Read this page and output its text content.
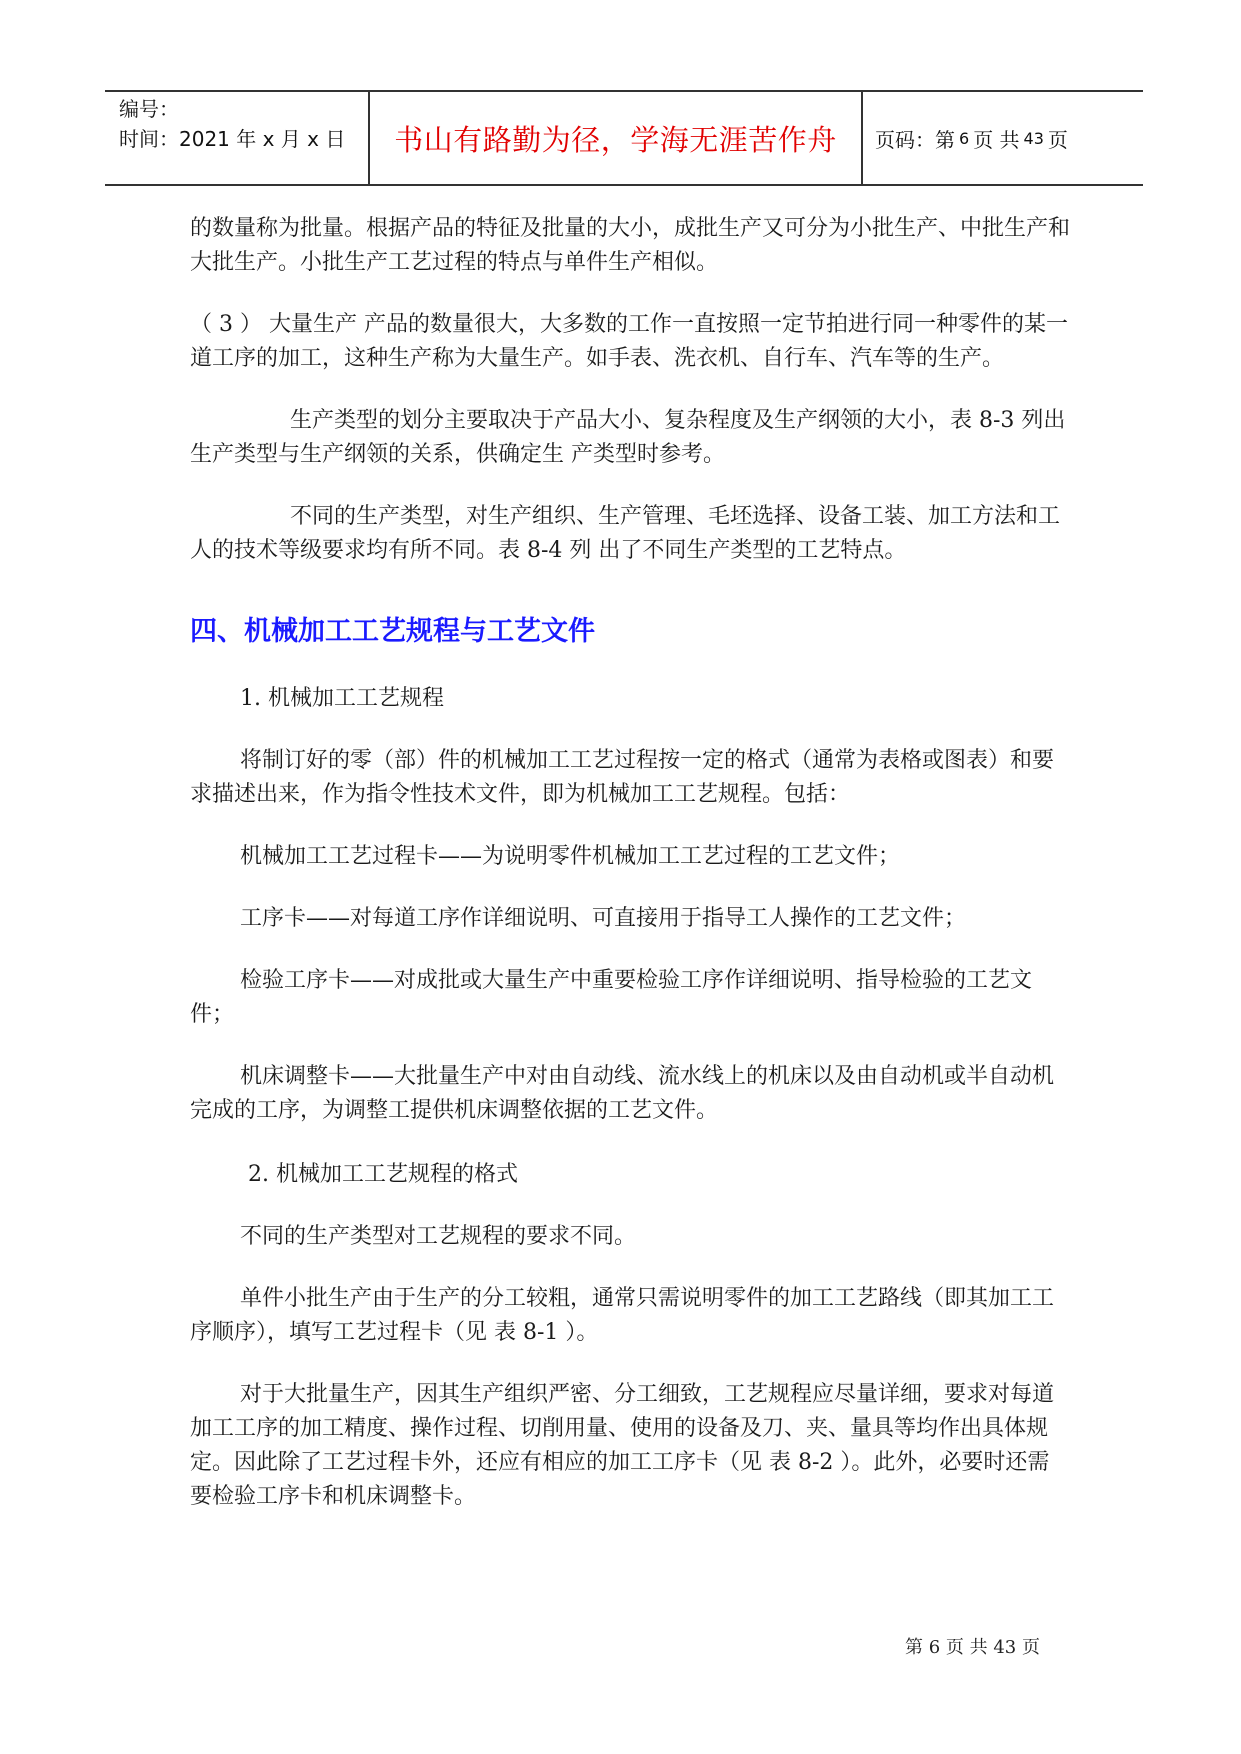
编号：
时间：2021 年 x 月 x 日	书山有路勤为径，学海无涯苦作舟	页码：第 6 页 共 43 页

的数量称为批量。根据产品的特征及批量的大小，成批生产又可分为小批生产、中批生产和大批生产。小批生产工艺过程的特点与单件生产相似。

（ 3 ） 大量生产 产品的数量很大，大多数的工作一直按照一定节拍进行同一种零件的某一道工序的加工，这种生产称为大量生产。如手表、洗衣机、自行车、汽车等的生产。

生产类型的划分主要取决于产品大小、复杂程度及生产纲领的大小，表 8-3 列出生产类型与生产纲领的关系，供确定生 产类型时参考。

不同的生产类型，对生产组织、生产管理、毛坯选择、设备工装、加工方法和工人的技术等级要求均有所不同。表 8-4 列 出了不同生产类型的工艺特点。

四、机械加工工艺规程与工艺文件

1. 机械加工工艺规程

将制订好的零（部）件的机械加工工艺过程按一定的格式（通常为表格或图表）和要求描述出来，作为指令性技术文件，即为机械加工工艺规程。包括：

机械加工工艺过程卡——为说明零件机械加工工艺过程的工艺文件；

工序卡——对每道工序作详细说明、可直接用于指导工人操作的工艺文件；

检验工序卡——对成批或大量生产中重要检验工序作详细说明、指导检验的工艺文件；

机床调整卡——大批量生产中对由自动线、流水线上的机床以及由自动机或半自动机完成的工序，为调整工提供机床调整依据的工艺文件。

2. 机械加工工艺规程的格式

不同的生产类型对工艺规程的要求不同。

单件小批生产由于生产的分工较粗，通常只需说明零件的加工工艺路线（即其加工工序顺序），填写工艺过程卡（见 表 8-1 ）。

对于大批量生产，因其生产组织严密、分工细致，工艺规程应尽量详细，要求对每道加工工序的加工精度、操作过程、切削用量、使用的设备及刀、夹、量具等均作出具体规定。因此除了工艺过程卡外，还应有相应的加工工序卡（见 表 8-2 ）。此外，必要时还需要检验工序卡和机床调整卡。

第 6 页 共 43 页
